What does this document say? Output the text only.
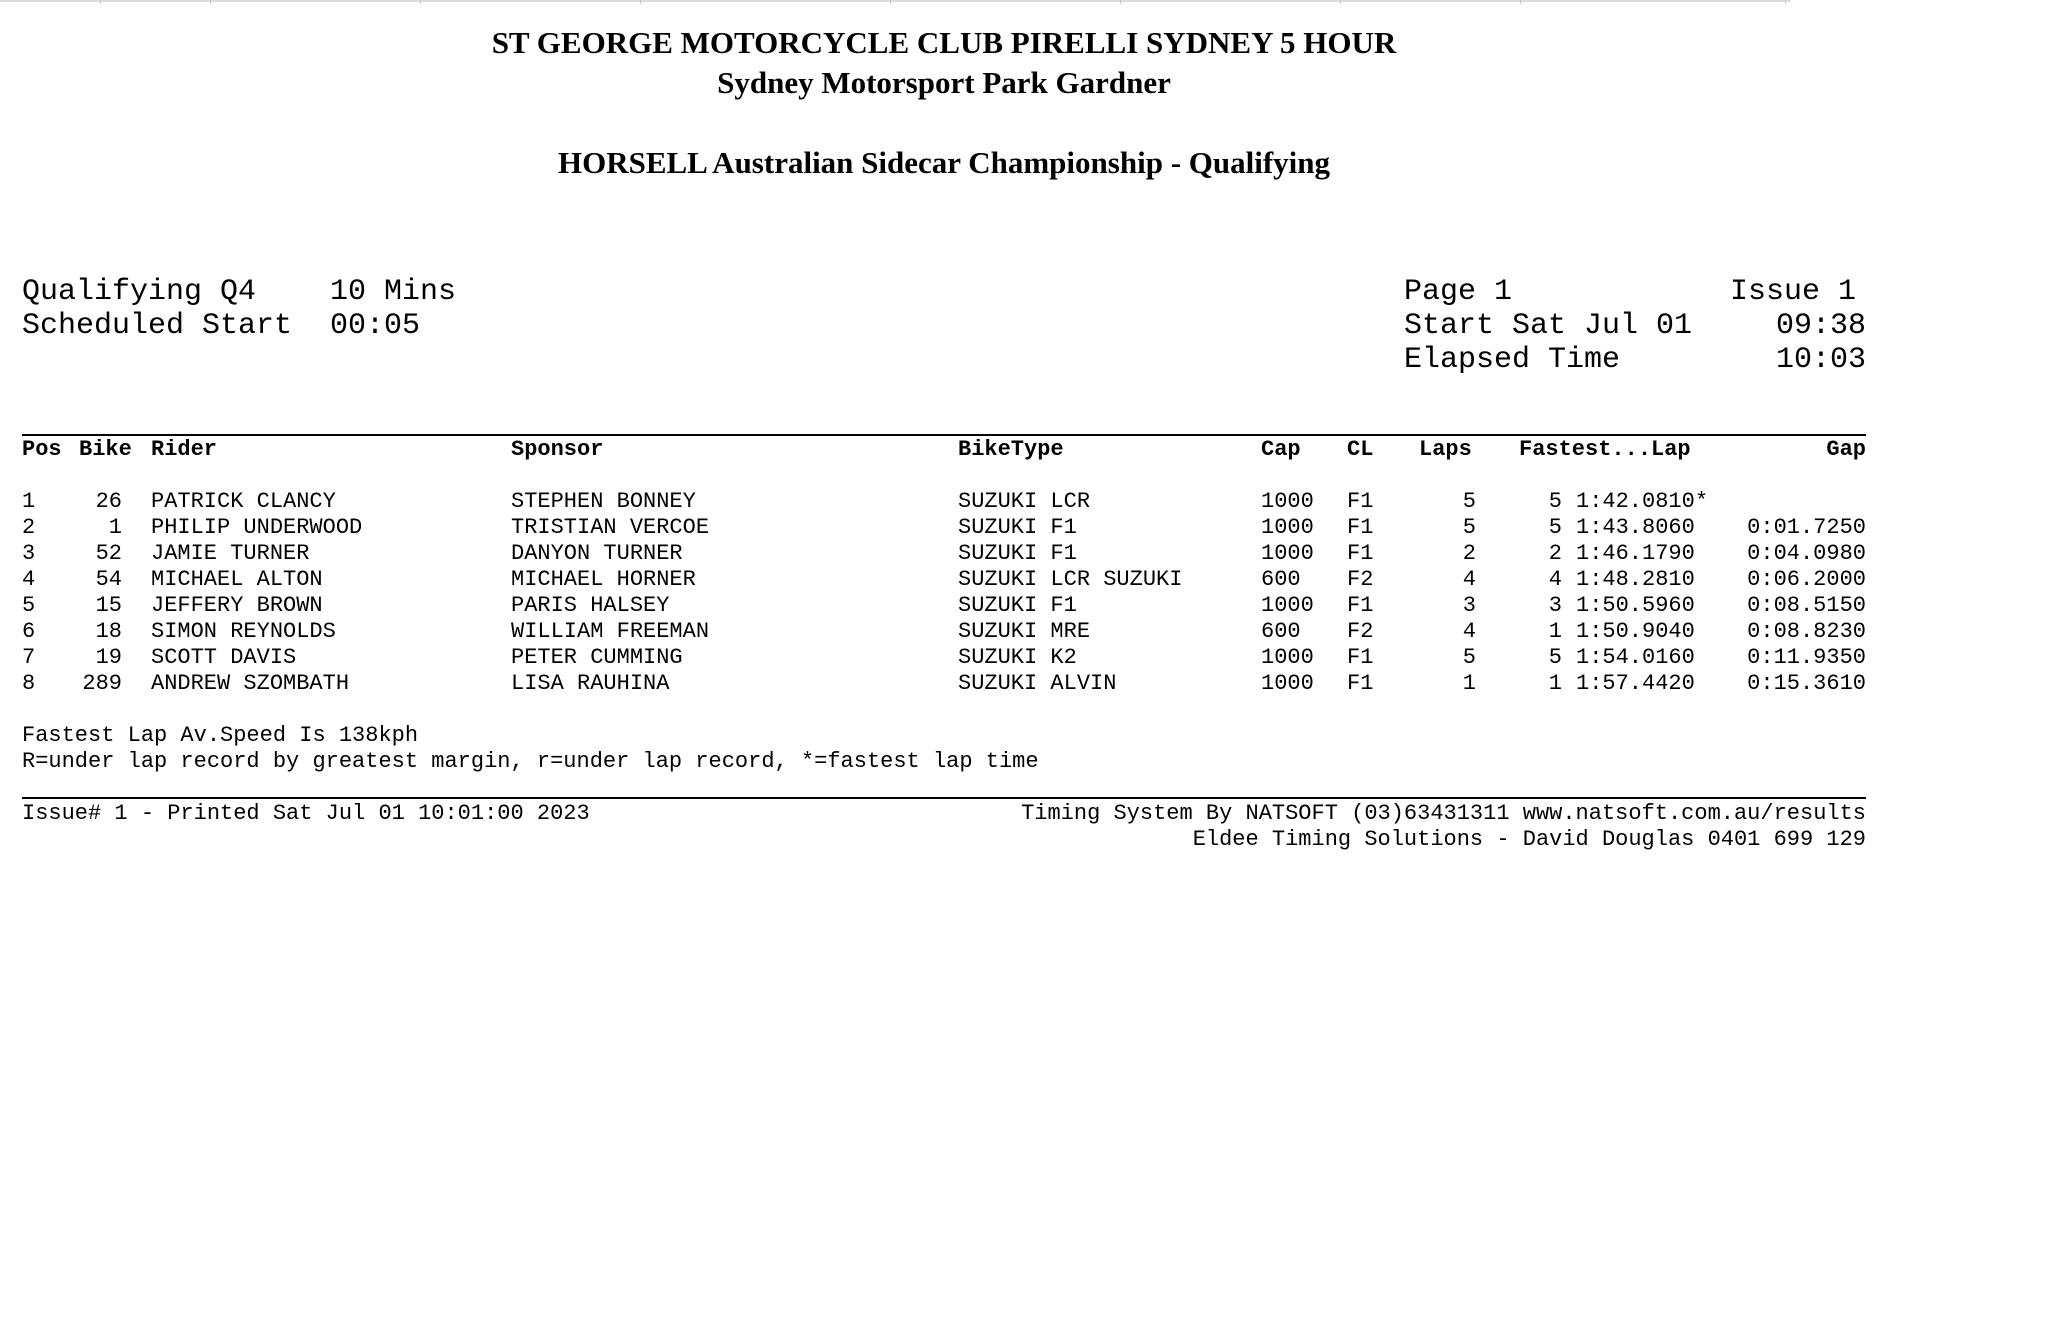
ST GEORGE MOTORCYCLE CLUB PIRELLI SYDNEY 5 HOUR
Sydney Motorsport Park Gardner
HORSELL Australian Sidecar Championship - Qualifying
Qualifying Q4 10 Mins
Scheduled Start 00:05
Page 1	Issue 1
Start Sat Jul 01	09:38
Elapsed Time	10:03
Pos Bike Rider	Sponsor	BikeType	Cap CL Laps Fastest...Lap	Gap
1	26 PATRICK CLANCY	STEPHEN BONNEY	SUZUKI LCR	1000 F1	5	5 1:42.0810*
2	1 PHILIP UNDERWOOD	TRISTIAN VERCOE	SUZUKI F1	1000 F1	5	5 1:43.8060	0:01.7250
3	52 JAMIE TURNER	DANYON TURNER	SUZUKI F1	1000 F1	2	2 1:46.1790	0:04.0980
4	54 MICHAEL ALTON	MICHAEL HORNER	SUZUKI LCR SUZUKI	600 F2	4	4 1:48.2810	0:06.2000
5	15 JEFFERY BROWN	PARIS HALSEY	SUZUKI F1	1000 F1	3	3 1:50.5960	0:08.5150
6	18 SIMON REYNOLDS	WILLIAM FREEMAN	SUZUKI MRE	600 F2	4	1 1:50.9040	0:08.8230
7	19 SCOTT DAVIS	PETER CUMMING	SUZUKI K2	1000 F1	5	5 1:54.0160	0:11.9350
8 289 ANDREW SZOMBATH	LISA RAUHINA	SUZUKI ALVIN	1000 F1	1	1 1:57.4420	0:15.3610
Fastest Lap Av.Speed Is 138kph
R=under lap record by greatest margin, r=under lap record, *=fastest lap time
Issue# 1 - Printed Sat Jul 01 10:01:00 2023	Timing System By NATSOFT (03)63431311 www.natsoft.com.au/results
Eldee Timing Solutions - David Douglas 0401 699 129
